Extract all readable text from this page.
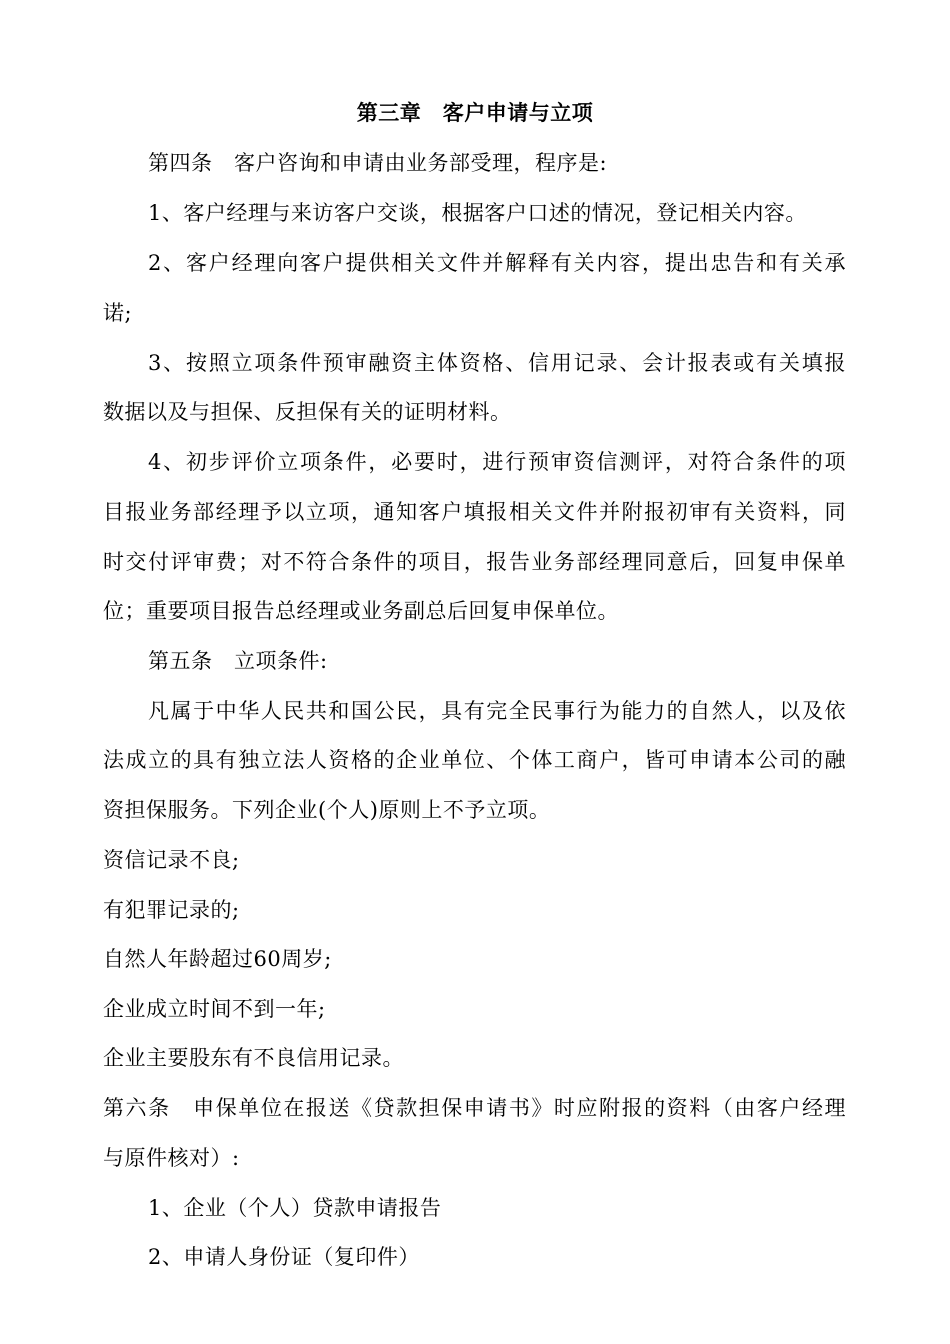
第三章　客户申请与立项
第四条　客户咨询和申请由业务部受理，程序是:
1、客户经理与来访客户交谈，根据客户口述的情况，登记相关内容。
2、客户经理向客户提供相关文件并解释有关内容，提出忠告和有关承
诺;
3、按照立项条件预审融资主体资格、信用记录、会计报表或有关填报
数据以及与担保、反担保有关的证明材料。
4、初步评价立项条件，必要时，进行预审资信测评，对符合条件的项
目报业务部经理予以立项，通知客户填报相关文件并附报初审有关资料，同
时交付评审费；对不符合条件的项目，报告业务部经理同意后，回复申保单
位；重要项目报告总经理或业务副总后回复申保单位。
第五条　立项条件:
凡属于中华人民共和国公民，具有完全民事行为能力的自然人，以及依
法成立的具有独立法人资格的企业单位、个体工商户，皆可申请本公司的融
资担保服务。下列企业(个人)原则上不予立项。
资信记录不良;
有犯罪记录的;
自然人年龄超过60周岁;
企业成立时间不到一年;
企业主要股东有不良信用记录。
第六条　申保单位在报送《贷款担保申请书》时应附报的资料（由客户经理
与原件核对）:
1、企业（个人）贷款申请报告
2、申请人身份证（复印件）
